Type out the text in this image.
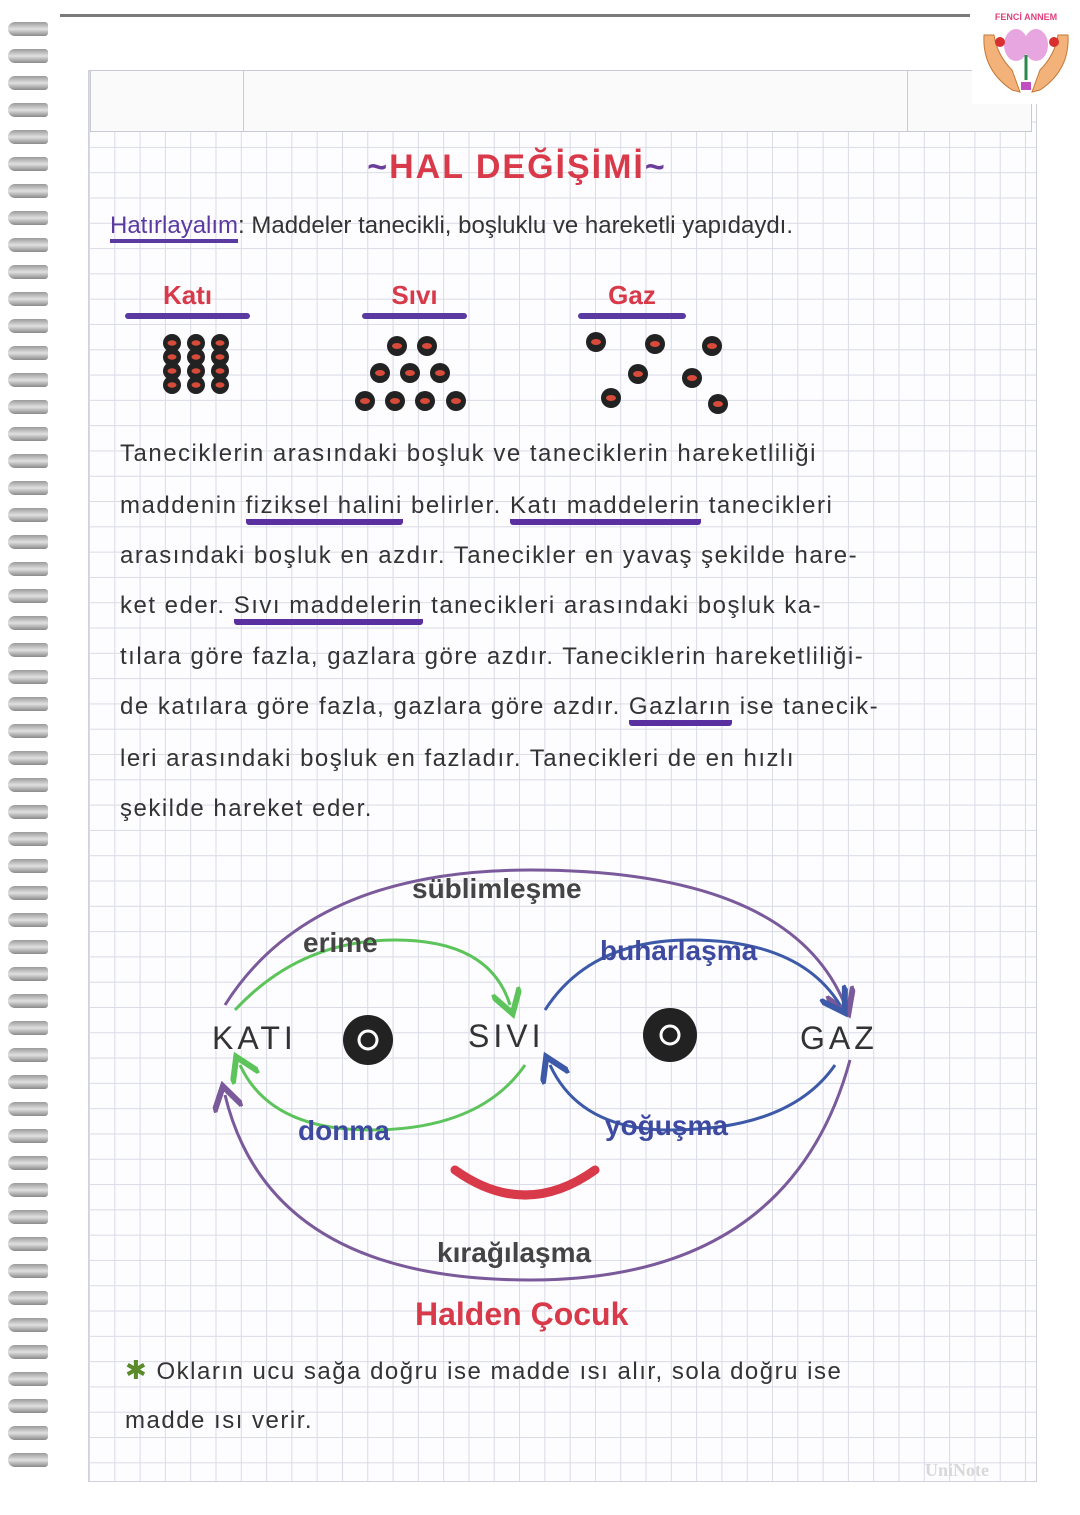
FENCİ ANNEM
~HAL DEĞİŞİMİ~
Hatırlayalım: Maddeler tanecikli, boşluklu ve hareketli yapıdaydı.
Katı	Sıvı	Gaz
Taneciklerin arasındaki boşluk ve taneciklerin hareketliliği
maddenin fiziksel halini belirler. Katı maddelerin tanecikleri
arasındaki boşluk en azdır. Tanecikler en yavaş şekilde hare-
ket eder. Sıvı maddelerin tanecikleri arasındaki boşluk ka-
tılara göre fazla, gazlara göre azdır. Taneciklerin hareketliliği-
de katılara göre fazla, gazlara göre azdır. Gazların ise tanecik-
leri arasındaki boşluk en fazladır. Tanecikleri de en hızlı
şekilde hareket eder.
süblimleşme
erime	buharlaşma
KATI	SIVI	GAZ
donma	yoğuşma
kırağılaşma
Halden Çocuk
✱ Okların ucu sağa doğru ise madde ısı alır, sola doğru ise
madde ısı verir.
UniNote
